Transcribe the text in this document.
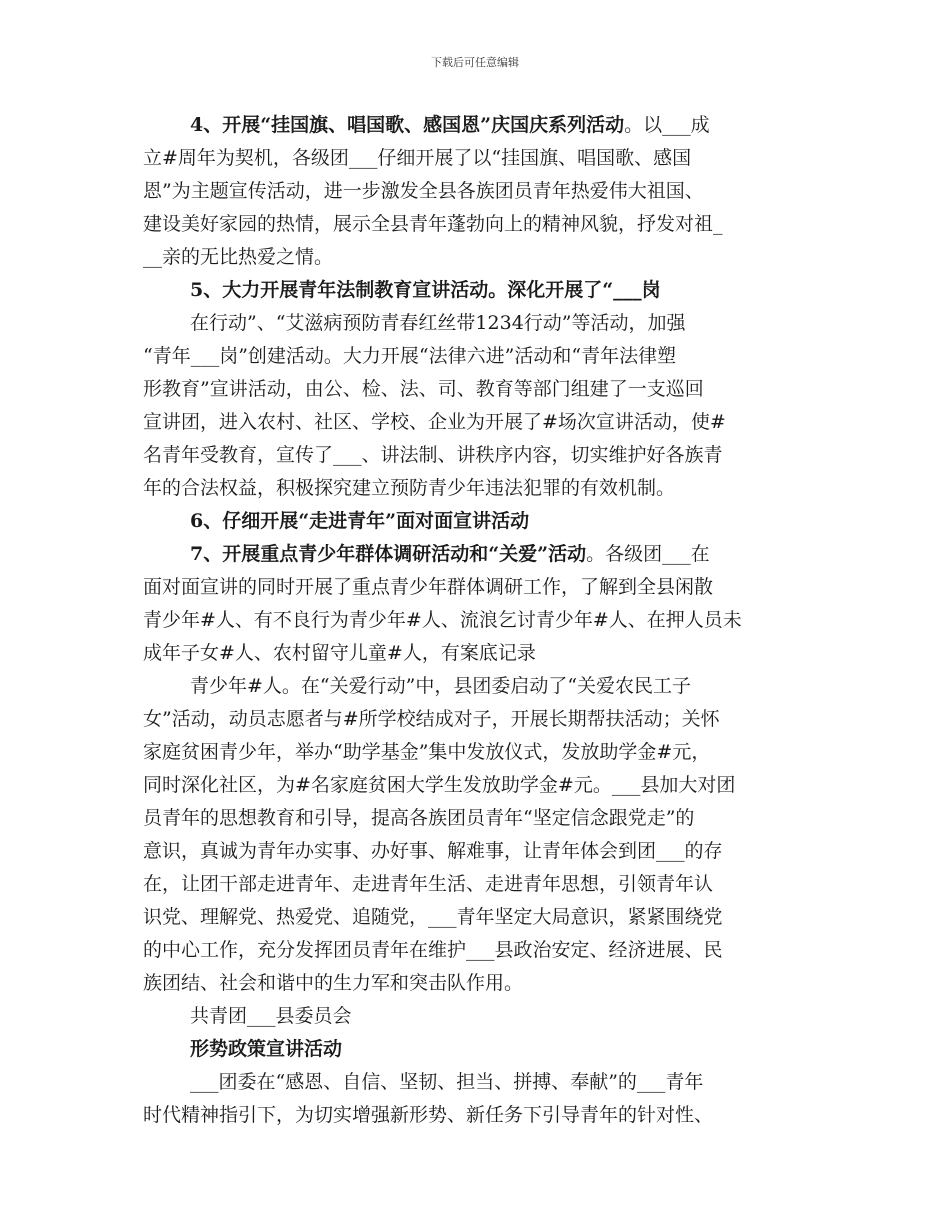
下载后可任意编辑
4、开展“挂国旗、唱国歌、感国恩”庆国庆系列活动。以___成
立#周年为契机，各级团___仔细开展了以“挂国旗、唱国歌、感国
恩”为主题宣传活动，进一步激发全县各族团员青年热爱伟大祖国、
建设美好家园的热情，展示全县青年蓬勃向上的精神风貌，抒发对祖_
__亲的无比热爱之情。
5、大力开展青年法制教育宣讲活动。深化开展了“___岗
在行动”、“艾滋病预防青春红丝带1234行动”等活动，加强
“青年___岗”创建活动。大力开展“法律六进”活动和“青年法律塑
形教育”宣讲活动，由公、检、法、司、教育等部门组建了一支巡回
宣讲团，进入农村、社区、学校、企业为开展了#场次宣讲活动，使#
名青年受教育，宣传了___、讲法制、讲秩序内容，切实维护好各族青
年的合法权益，积极探究建立预防青少年违法犯罪的有效机制。
6、仔细开展“走进青年”面对面宣讲活动
7、开展重点青少年群体调研活动和“关爱”活动。各级团___在
面对面宣讲的同时开展了重点青少年群体调研工作，了解到全县闲散
青少年#人、有不良行为青少年#人、流浪乞讨青少年#人、在押人员未
成年子女#人、农村留守儿童#人，有案底记录
青少年#人。在“关爱行动”中，县团委启动了“关爱农民工子
女”活动，动员志愿者与#所学校结成对子，开展长期帮扶活动；关怀
家庭贫困青少年，举办“助学基金”集中发放仪式，发放助学金#元，
同时深化社区，为#名家庭贫困大学生发放助学金#元。___县加大对团
员青年的思想教育和引导，提高各族团员青年“坚定信念跟党走”的
意识，真诚为青年办实事、办好事、解难事，让青年体会到团___的存
在，让团干部走进青年、走进青年生活、走进青年思想，引领青年认
识党、理解党、热爱党、追随党，___青年坚定大局意识，紧紧围绕党
的中心工作，充分发挥团员青年在维护___县政治安定、经济进展、民
族团结、社会和谐中的生力军和突击队作用。
共青团___县委员会
形势政策宣讲活动
___团委在“感恩、自信、坚韧、担当、拼搏、奉献”的___青年
时代精神指引下，为切实增强新形势、新任务下引导青年的针对性、
